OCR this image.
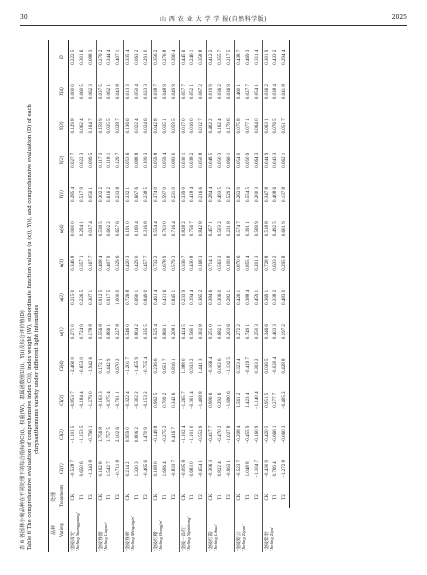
30	山 西 农 业 大 学 学 报(自然科学版)	2025
表 6 各园林小菊品种在不同处理下的综合指标值C(i)、权重(W)、隶属函数值U(i)、Y(i)及综合评价值(D) Table 6 The comprehensive evaluation of comprehensive index C(i), index weight (W), subordinate function values (u (x)), Y(i), and comprehensive evaluation (D) of each chrysanthemums variety under different light intensities
品种	处理													
Variety	Treatments	CI(1)	CI(2)	CI(3)	CI(4)	u(1)	u(2)	u(3)	u(4)	Y(1)	Y(2)	Y(3)	Y(4)	D

'金陵雨光' 'Jinling Yuangguang'	CK	−0.528 7	−1.101 5	−0.853 7	−2.460 0	0.271 0	0.215 0	0.346 8	0.000 0	0.285 4	0.027 7	0.129 8	0.000 0	0.222 5
	T1	0.650 6	−1.153 5	−0.184 4	−0.653 0	0.724 9	0.226 5	0.357 1	0.294 1	0.517 9	0.022 3	0.062 4	0.060 5	0.301 6
	T2	−1.343 8	−0.796 1	−1.279 0	−1.942 6	0.178 8	0.307 1	0.167 7	0.037 4	0.050 1	0.099 5	0.164 7	0.062 3	0.088 3

'金陵春漫' 'Jinling Liuyun'	CK	0.162 8	1.756 8	−0.163 3	0.172 1	0.556 8	0.912 5	0.408 4	0.538 5	0.302 2	0.117 3	0.159 9	0.037 5	0.279 2
	T1	1.542 7	1.757 5	−0.375 4	0.442 9	0.866 1	0.917 5	0.407 9	0.602 2	0.616 2	0.118 1	0.035 5	0.062 1	0.344 4
	T2	−0.711 8	2.102 6	−0.701 1	0.670 2	0.227 8	1.000 0	0.329 6	0.657 6	0.233 8	0.129 7	0.028 7	0.043 8	0.407 1

'金陵春翠' 'Jinling Meiguigin'	CK	0.214 2	0.959 0	−0.322 4	−1.201 7	0.546 0	0.726 8	0.420 3	0.191 0	0.332 1	0.053 6	0.136 6	0.013 3	0.335 4
	T1	1.320 3	0.806 2	−0.302 2	−1.455 9	0.804 2	0.690 1	0.429 0	0.169 4	0.667 6	0.088 8	0.022 4	0.050 4	0.063 2
	T2	−0.465 6	1.470 9	−0.153 2	−0.755 4	0.335 5	0.849 0	0.457 7	0.316 8	0.238 5	0.109 3	0.024 6	0.023 3	0.291 0

'金陵红槿' 'Jinling Hongjin'	CK	0.108 0	−0.149 8	0.962 5	0.236 6	0.525 4	0.461 4	0.732 2	0.554 4	0.374 0	0.059 8	0.042 8	0.038 7	0.356 2
	T1	1.606 4	−0.275 2	0.709 2	0.651 7	0.860 1	0.431 6	0.678 9	0.703 0	0.597 0	0.059 4	0.035 1	0.048 9	0.276 8
	T2	−0.833 7	0.416 7	0.342 6	0.816 1	0.208 1	0.845 1	0.579 3	0.716 4	0.231 0	0.083 0	0.059 5	0.049 9	0.396 4

'金陵一品红' 'Jinling Yipinhong'	CK	−0.095 8	−1.102 4	−1.265 7	1.388 0	0.424 5	0.233 9	0.336 7	0.828 2	0.339 0	0.030 1	0.017 0	0.057 7	0.445 6
	T1	0.683 0	−1.101 0	−0.301 4	0.933 2	0.560 1	0.194 4	0.430 8	0.756 7	0.418 4	0.038 2	0.016 0	0.052 1	0.246 1
	T2	−0.654 1	−0.552 9	−1.408 8	1.441 3	0.302 8	0.365 2	0.168 3	0.842 8	0.216 6	0.050 8	0.012 7	0.067 2	0.358 8

'金陵红霞' 'Jinling Lihua'	CK	−0.306 3	−0.417 7	0.906 6	−0.166 4	0.251 0	0.384 6	0.714 1	0.457 1	0.284 4	0.048 5	0.462 2	0.019 9	0.412 2
	T1	0.822 4	−0.470 2	0.292 6	0.002 6	0.682 1	0.306 0	0.563 3	0.503 2	0.493 5	0.050 3	0.162 4	0.036 2	0.355 7
	T2	−0.963 1	−1.027 8	−1.690 6	−1.132 5	0.203 6	0.282 1	0.109 8	0.231 8	0.529 2	0.066 1	0.179 6	0.036 9	0.217 5

'金陵紫云' 'Jinling Ziyun'	CK	−0.523 7	−0.298 4	1.561 2	0.323 4	0.272 2	0.426 1	0.870 6	0.574 7	0.263 9	0.054 0	0.075 8	0.460 1	0.438 7
	T1	1.048 8	−0.455 9	1.423 4	−0.419 7	0.749 1	0.388 4	0.855 4	0.391 1	0.554 5	0.050 9	0.077 1	0.027 7	0.469 3
	T2	−1.104 7	−0.160 9	−1.140 4	0.303 2	0.250 3	0.459 1	0.201 3	0.569 9	0.200 3	0.064 3	0.064 0	0.054 1	0.311 4

'金陵紫羽' 'Jinling Ziyu'	CK	−0.430 9	−0.420 5	0.951 5	0.036 5	0.346 6	0.369 1	0.728 8	0.518 8	0.347 8	0.044 9	0.063 1	0.036 2	0.301 9
	T1	0.769 4	−0.666 1	0.277 7	−0.020 4	0.403 3	0.338 2	0.633 2	0.492 5	0.408 6	0.043 3	0.076 5	0.038 4	0.433 2
	T2	−1.272 8	−0.060 3	−0.405 2	0.428 8	0.197 2	0.483 0	0.295 8	0.601 9	0.137 8	0.062 1	0.051 7	0.041 8	0.294 4
